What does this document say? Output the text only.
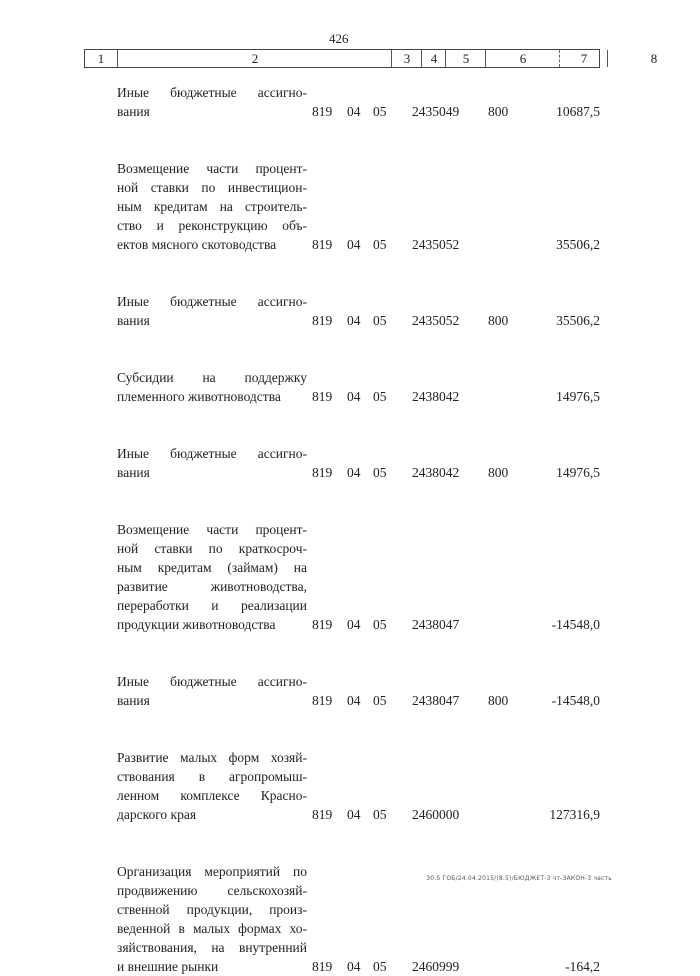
426
1	2	3	4	5	6	7	8
Иные бюджетные ассигно-
вания	819 04 05 2435049 800	10687,5
Возмещение части процент-
ной ставки по инвестицион-
ным кредитам на строитель-
ство и реконструкцию объ-
ектов мясного скотоводства	819 04 05 2435052	35506,2
Иные бюджетные ассигно-
вания	819 04 05 2435052 800	35506,2
Субсидии на поддержку
племенного животноводства	819 04 05 2438042	14976,5
Иные бюджетные ассигно-
вания	819 04 05 2438042 800	14976,5
Возмещение части процент-
ной ставки по краткосроч-
ным кредитам (займам) на
развитие животноводства,
переработки и реализации
продукции животноводства	819 04 05 2438047	-14548,0
Иные бюджетные ассигно-
вания	819 04 05 2438047 800	-14548,0
Развитие малых форм хозяй-
ствования в агропромыш-
ленном комплексе Красно-
дарского края	819 04 05 2460000	127316,9
Организация мероприятий по
продвижению сельскохозяй-
ственной продукции, произ-
веденной в малых формах хо-
зяйствования, на внутренний
и внешние рынки	819 04 05 2460999	-164,2
30.5 ГОБ/24.04.2015/(8.5)/БЮДЖЕТ-3 чт-ЗАКОН-3 часть
